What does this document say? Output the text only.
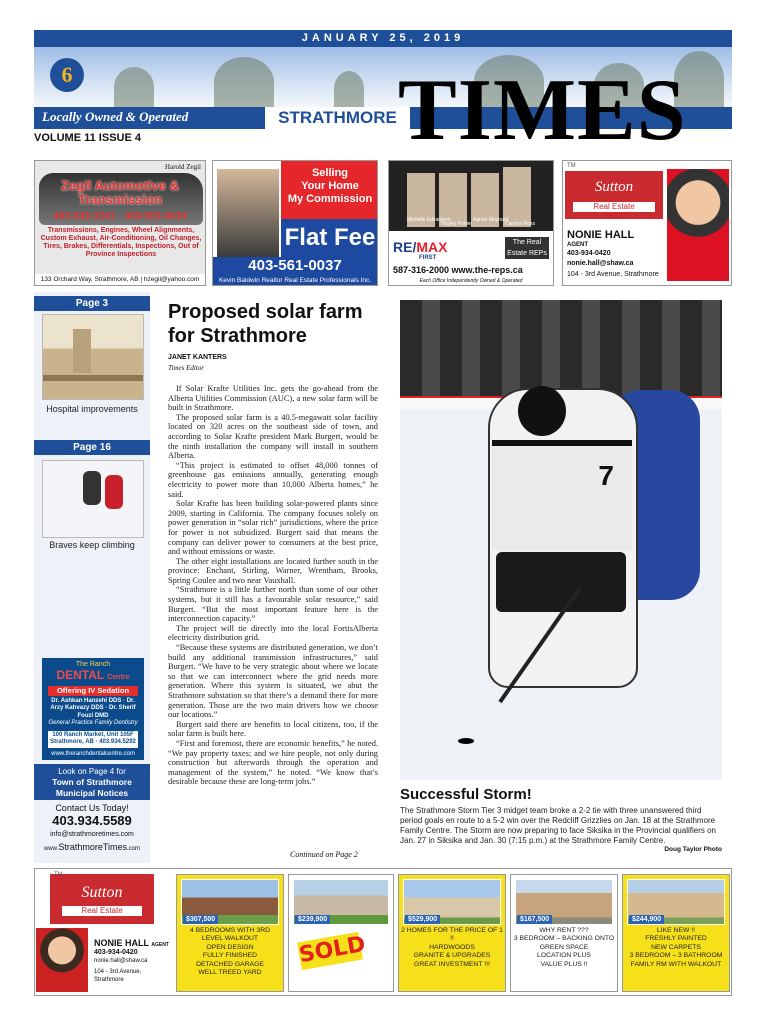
JANUARY 25, 2019
6
Locally Owned & Operated	STRATHMORE TIMES
VOLUME 11 ISSUE 4
Harold Zegil
Zegil Automotive & Transmission
403-542-3341 · 403-902-0634
Transmissions, Engines, Wheel Alignments, Custom Exhaust, Air-Conditioning, Oil Changes, Tires, Brakes, Differentials, Inspections, Out of Province Inspections
133 Orchard Way, Strathmore, AB | hzegil@yahoo.com
Selling
Your Home
My Commission
Flat Fee
403-561-0037
Kevin Baldwin Realtor Real Estate Professionals Inc.
Michelle Edvardsen
Hayley Poirier
Adrian Maynard
Carolyn Ross
RE/MAX
FIRST
The Real Estate REPs
587-316-2000 www.the-reps.ca
Each Office Independently Owned & Operated
TM
Sutton
Real Estate
NONIE HALL
AGENT
403-934-0420
nonie.hall@shaw.ca
104 - 3rd Avenue, Strathmore
Page 3
Hospital improvements
Page 16
Braves keep climbing
The Ranch
DENTAL Centre
Offering IV Sedation
Dr. Ashkan Hanzehi DDS · Dr. Arzy Kahvazy DDS · Dr. Sherif Fouzi DMD
General Practice Family Dentistry
100 Ranch Market, Unit 105F Strathmore, AB · 403.934.5292
www.theranchdentalcentre.com
Look on Page 4 for
Town of Strathmore Municipal Notices
Contact Us Today!
403.934.5589
info@strathmoretimes.com
www.StrathmoreTimes.com
Proposed solar farm for Strathmore
JANET KANTERS
Times Editor

If Solar Krafte Utilities Inc. gets the go-ahead from the Alberta Utilities Commission (AUC), a new solar farm will be built in Strathmore.

The proposed solar farm is a 40.5-megawatt solar facility located on 320 acres on the southeast side of town, and according to Solar Krafte president Mark Burgert, would be the ninth installation the company will install in southern Alberta.

“This project is estimated to offset 48,000 tonnes of greenhouse gas emissions annually, generating enough electricity to power more than 10,000 Alberta homes,” he said.

Solar Krafte has been building solar-powered plants since 2009, starting in California. The company focuses solely on power generation in “solar rich” jurisdictions, where the price for power is not subsidized. Burgert said that means the company can deliver power to consumers at the best price, and without emissions or waste.

The other eight installations are located further south in the province: Enchant, Stirling, Warner, Wrentham, Brooks, Spring Coulee and two near Vauxhall.

“Strathmore is a little further north than some of our other systems, but it still has a favourable solar resource,” said Burgert. “But the most important feature here is the interconnection capacity.”

The project will tie directly into the local FortisAlberta electricity distribution grid.

“Because these systems are distributed generation, we don’t build any additional transmission infrastructures,” said Burgert. “We have to be very strategic about where we locate so that we can interconnect where the grid needs more generation. Where this system is situated, we abut the Strathmore substation so that there’s a demand there for more generation. Those are the two main drivers how we choose our locations.”

Burgert said there are benefits to local citizens, too, if the solar farm is built here.

“First and foremost, there are economic benefits,” he noted. “We pay property taxes; and we hire people, not only during construction but afterwards through the operation and management of the system,” he noted. “We know that’s desirable because these are long-term jobs.”

Continued on Page 2
7
Successful Storm!
The Strathmore Storm Tier 3 midget team broke a 2-2 tie with three unanswered third period goals en route to a 5-2 win over the Redcliff Grizzlies on Jan. 18 at the Strathmore Family Centre. The Storm are now preparing to face Siksika in the Provincial qualifiers on Jan. 27 in Siksika and Jan. 30 (7:15 p.m.) at the Strathmore Family Centre.
Doug Taylor Photo
Sutton
Real Estate
TM
NONIE HALL AGENT
403-934-0420
nonie.hall@shaw.ca
104 - 3rd Avenue, Strathmore
$307,500
4 BEDROOMS WITH 3RD LEVEL WALKOUT
OPEN DESIGN
FULLY FINISHED
DETACHED GARAGE
WELL TREED YARD
$239,900
SOLD
$529,900
2 HOMES FOR THE PRICE OF 1 !!
HARDWOODS
GRANITE & UPGRADES
GREAT INVESTMENT !!!
$167,500
WHY RENT ???
3 BEDROOM – BACKING ONTO GREEN SPACE
LOCATION PLUS
VALUE PLUS !!
$244,900
LIKE NEW !!
FRESHLY PAINTED
NEW CARPETS
3 BEDROOM – 3 BATHROOM
FAMILY RM WITH WALKOUT
